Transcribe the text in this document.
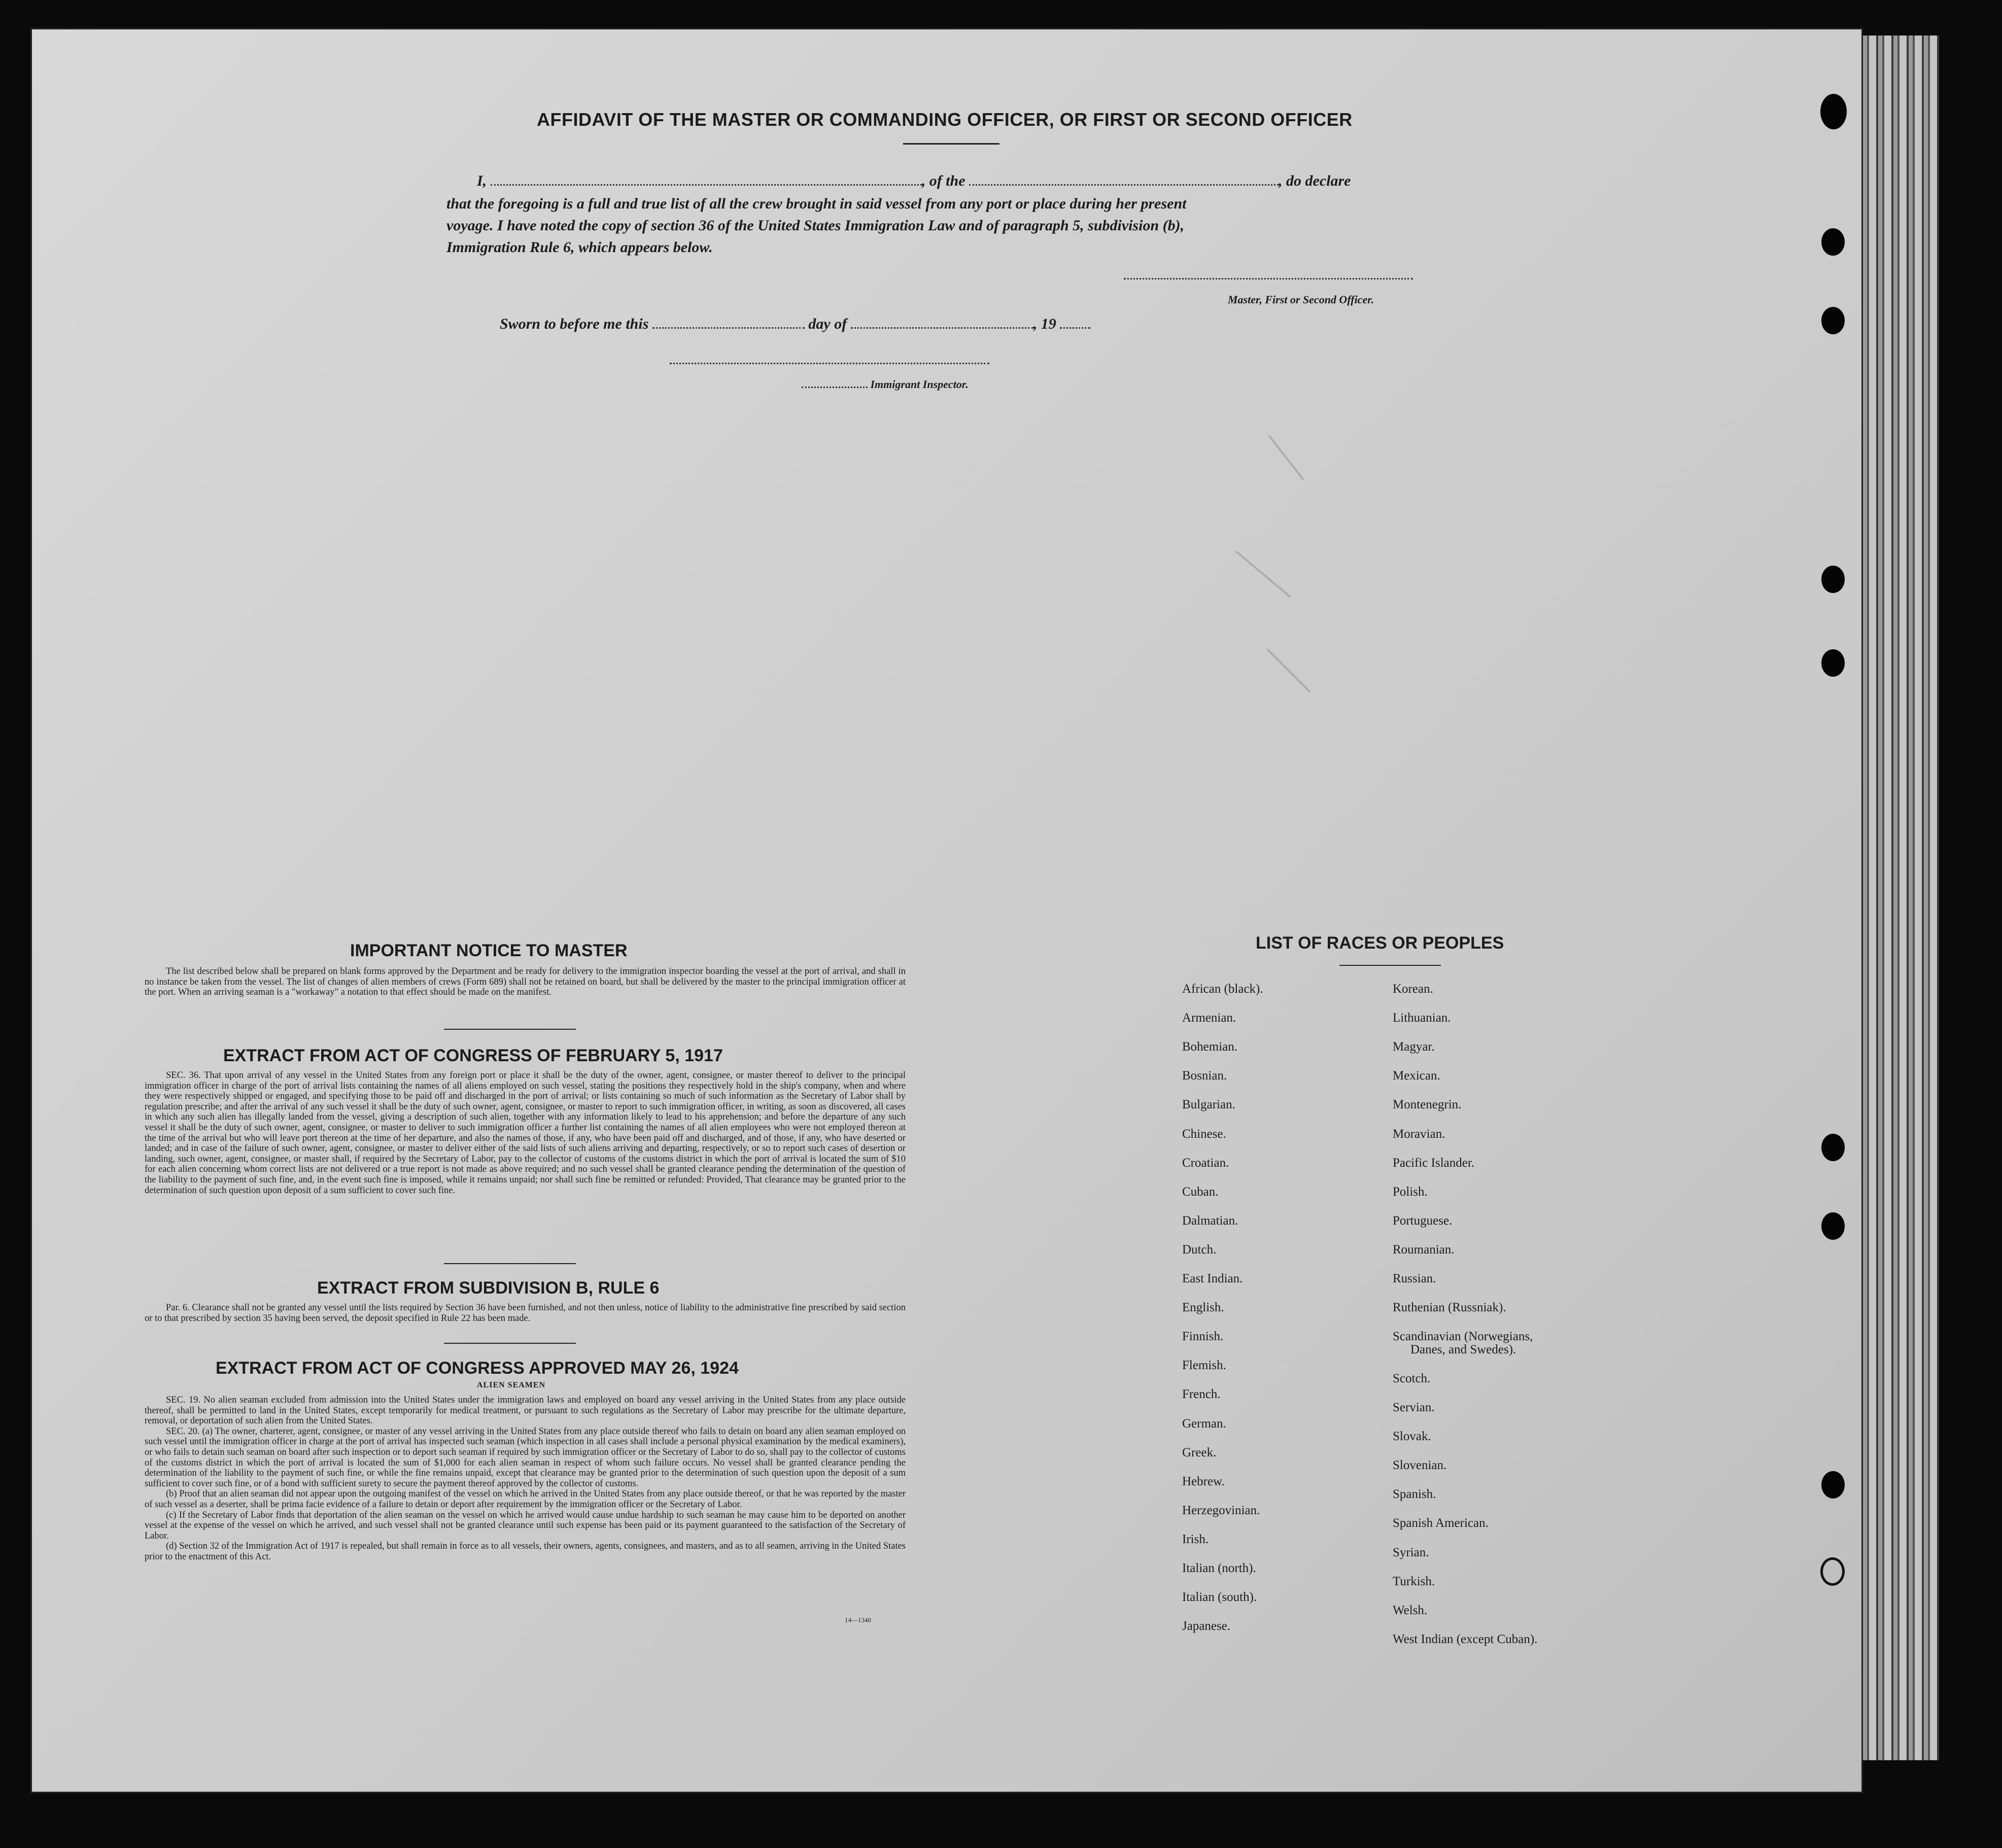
AFFIDAVIT OF THE MASTER OR COMMANDING OFFICER, OR FIRST OR SECOND OFFICER
I,	, of the	, do declare
that the foregoing is a full and true list of all the crew brought in said vessel from any port or place during her present
voyage. I have noted the copy of section 36 of the United States Immigration Law and of paragraph 5, subdivision (b),
Immigration Rule 6, which appears below.
Master, First or Second Officer.
Sworn to before me this	day of	, 19
Immigrant Inspector.
IMPORTANT NOTICE TO MASTER

The list described below shall be prepared on blank forms approved by the Department and be ready for delivery to the immigration inspector boarding the vessel at the port of arrival, and shall in no instance be taken from the vessel. The list of changes of alien members of crews (Form 689) shall not be retained on board, but shall be delivered by the master to the principal immigration officer at the port. When an arriving seaman is a "workaway" a notation to that effect should be made on the manifest.

EXTRACT FROM ACT OF CONGRESS OF FEBRUARY 5, 1917

SEC. 36. That upon arrival of any vessel in the United States from any foreign port or place it shall be the duty of the owner, agent, consignee, or master thereof to deliver to the principal immigration officer in charge of the port of arrival lists containing the names of all aliens employed on such vessel, stating the positions they respectively hold in the ship's company, when and where they were respectively shipped or engaged, and specifying those to be paid off and discharged in the port of arrival; or lists containing so much of such information as the Secretary of Labor shall by regulation prescribe; and after the arrival of any such vessel it shall be the duty of such owner, agent, consignee, or master to report to such immigration officer, in writing, as soon as discovered, all cases in which any such alien has illegally landed from the vessel, giving a description of such alien, together with any information likely to lead to his apprehension; and before the departure of any such vessel it shall be the duty of such owner, agent, consignee, or master to deliver to such immigration officer a further list containing the names of all alien employees who were not employed thereon at the time of the arrival but who will leave port thereon at the time of her departure, and also the names of those, if any, who have been paid off and discharged, and of those, if any, who have deserted or landed; and in case of the failure of such owner, agent, consignee, or master to deliver either of the said lists of such aliens arriving and departing, respectively, or so to report such cases of desertion or landing, such owner, agent, consignee, or master shall, if required by the Secretary of Labor, pay to the collector of customs of the customs district in which the port of arrival is located the sum of $10 for each alien concerning whom correct lists are not delivered or a true report is not made as above required; and no such vessel shall be granted clearance pending the determination of the question of the liability to the payment of such fine, and, in the event such fine is imposed, while it remains unpaid; nor shall such fine be remitted or refunded: Provided, That clearance may be granted prior to the determination of such question upon deposit of a sum sufficient to cover such fine.

EXTRACT FROM SUBDIVISION B, RULE 6

Par. 6. Clearance shall not be granted any vessel until the lists required by Section 36 have been furnished, and not then unless, notice of liability to the administrative fine prescribed by said section or to that prescribed by section 35 having been served, the deposit specified in Rule 22 has been made.

EXTRACT FROM ACT OF CONGRESS APPROVED MAY 26, 1924
ALIEN SEAMEN

SEC. 19. No alien seaman excluded from admission into the United States under the immigration laws and employed on board any vessel arriving in the United States from any place outside thereof, shall be permitted to land in the United States, except temporarily for medical treatment, or pursuant to such regulations as the Secretary of Labor may prescribe for the ultimate departure, removal, or deportation of such alien from the United States.

SEC. 20. (a) The owner, charterer, agent, consignee, or master of any vessel arriving in the United States from any place outside thereof who fails to detain on board any alien seaman employed on such vessel until the immigration officer in charge at the port of arrival has inspected such seaman (which inspection in all cases shall include a personal physical examination by the medical examiners), or who fails to detain such seaman on board after such inspection or to deport such seaman if required by such immigration officer or the Secretary of Labor to do so, shall pay to the collector of customs of the customs district in which the port of arrival is located the sum of $1,000 for each alien seaman in respect of whom such failure occurs. No vessel shall be granted clearance pending the determination of the liability to the payment of such fine, or while the fine remains unpaid, except that clearance may be granted prior to the determination of such question upon the deposit of a sum sufficient to cover such fine, or of a bond with sufficient surety to secure the payment thereof approved by the collector of customs.

(b) Proof that an alien seaman did not appear upon the outgoing manifest of the vessel on which he arrived in the United States from any place outside thereof, or that he was reported by the master of such vessel as a deserter, shall be prima facie evidence of a failure to detain or deport after requirement by the immigration officer or the Secretary of Labor.

(c) If the Secretary of Labor finds that deportation of the alien seaman on the vessel on which he arrived would cause undue hardship to such seaman he may cause him to be deported on another vessel at the expense of the vessel on which he arrived, and such vessel shall not be granted clearance until such expense has been paid or its payment guaranteed to the satisfaction of the Secretary of Labor.

(d) Section 32 of the Immigration Act of 1917 is repealed, but shall remain in force as to all vessels, their owners, agents, consignees, and masters, and as to all seamen, arriving in the United States prior to the enactment of this Act.

14—1340
LIST OF RACES OR PEOPLES
African (black).
Armenian.
Bohemian.
Bosnian.
Bulgarian.
Chinese.
Croatian.
Cuban.
Dalmatian.
Dutch.
East Indian.
English.
Finnish.
Flemish.
French.
German.
Greek.
Hebrew.
Herzegovinian.
Irish.
Italian (north).
Italian (south).
Japanese.
Korean.
Lithuanian.
Magyar.
Mexican.
Montenegrin.
Moravian.
Pacific Islander.
Polish.
Portuguese.
Roumanian.
Russian.
Ruthenian (Russniak).
Scandinavian (Norwegians,
Danes, and Swedes).
Scotch.
Servian.
Slovak.
Slovenian.
Spanish.
Spanish American.
Syrian.
Turkish.
Welsh.
West Indian (except Cuban).
